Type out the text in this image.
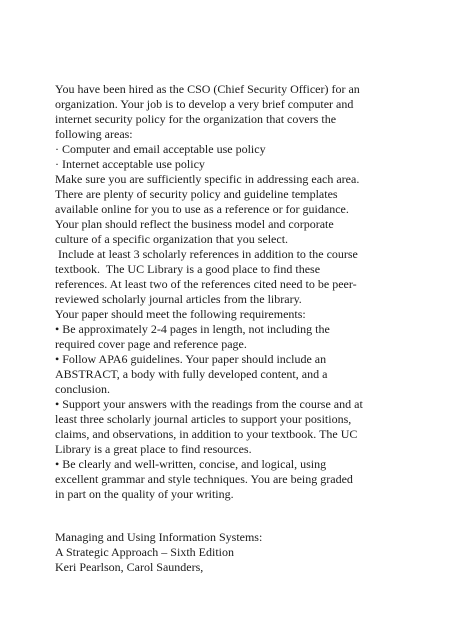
You have been hired as the CSO (Chief Security Officer) for an
organization. Your job is to develop a very brief computer and
internet security policy for the organization that covers the
following areas:
· Computer and email acceptable use policy
· Internet acceptable use policy
Make sure you are sufficiently specific in addressing each area.
There are plenty of security policy and guideline templates
available online for you to use as a reference or for guidance.
Your plan should reflect the business model and corporate
culture of a specific organization that you select.
Include at least 3 scholarly references in addition to the course
textbook.  The UC Library is a good place to find these
references. At least two of the references cited need to be peer-
reviewed scholarly journal articles from the library.
Your paper should meet the following requirements:
• Be approximately 2-4 pages in length, not including the
required cover page and reference page.
• Follow APA6 guidelines. Your paper should include an
ABSTRACT, a body with fully developed content, and a
conclusion.
• Support your answers with the readings from the course and at
least three scholarly journal articles to support your positions,
claims, and observations, in addition to your textbook. The UC
Library is a great place to find resources.
• Be clearly and well-written, concise, and logical, using
excellent grammar and style techniques. You are being graded
in part on the quality of your writing.
Managing and Using Information Systems:
A Strategic Approach – Sixth Edition
Keri Pearlson, Carol Saunders,
